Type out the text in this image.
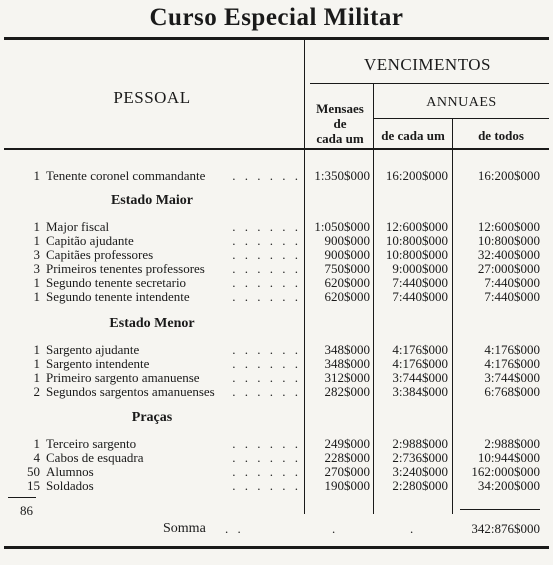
Curso Especial Militar
PESSOAL
VENCIMENTOS
Mensaes
de
cada um
ANNUAES
de cada um	de todos
Estado Maior
Estado Menor
Praças
. . . . . .
1 Tenente coronel commandante	1:350$000	16:200$000	16:200$000
. . . . . .
1 Major fiscal	1:050$000	12:600$000	12:600$000
. . . . . .
1 Capitão ajudante	900$000	10:800$000	10:800$000
. . . . . .
3 Capitães professores	900$000	10:800$000	32:400$000
. . . . . .
3 Primeiros tenentes professores	750$000	9:000$000	27:000$000
. . . . . .
1 Segundo tenente secretario	620$000	7:440$000	7:440$000
. . . . . .
1 Segundo tenente intendente	620$000	7:440$000	7:440$000
. . . . . .
1 Sargento ajudante	348$000	4:176$000	4:176$000
. . . . . .
1 Sargento intendente	348$000	4:176$000	4:176$000
. . . . . .
1 Primeiro sargento amanuense	312$000	3:744$000	3:744$000
. . . . . .
2 Segundos sargentos amanuenses	282$000	3:384$000	6:768$000
. . . . . .
1 Terceiro sargento	249$000	2:988$000	2:988$000
. . . . . .
4 Cabos de esquadra	228$000	2:736$000	10:944$000
. . . . . .
50 Alumnos	270$000	3:240$000	162:000$000
. . . . . .
15 Soldados	190$000	2:280$000	34:200$000
86
Somma . .	.	.	342:876$000
